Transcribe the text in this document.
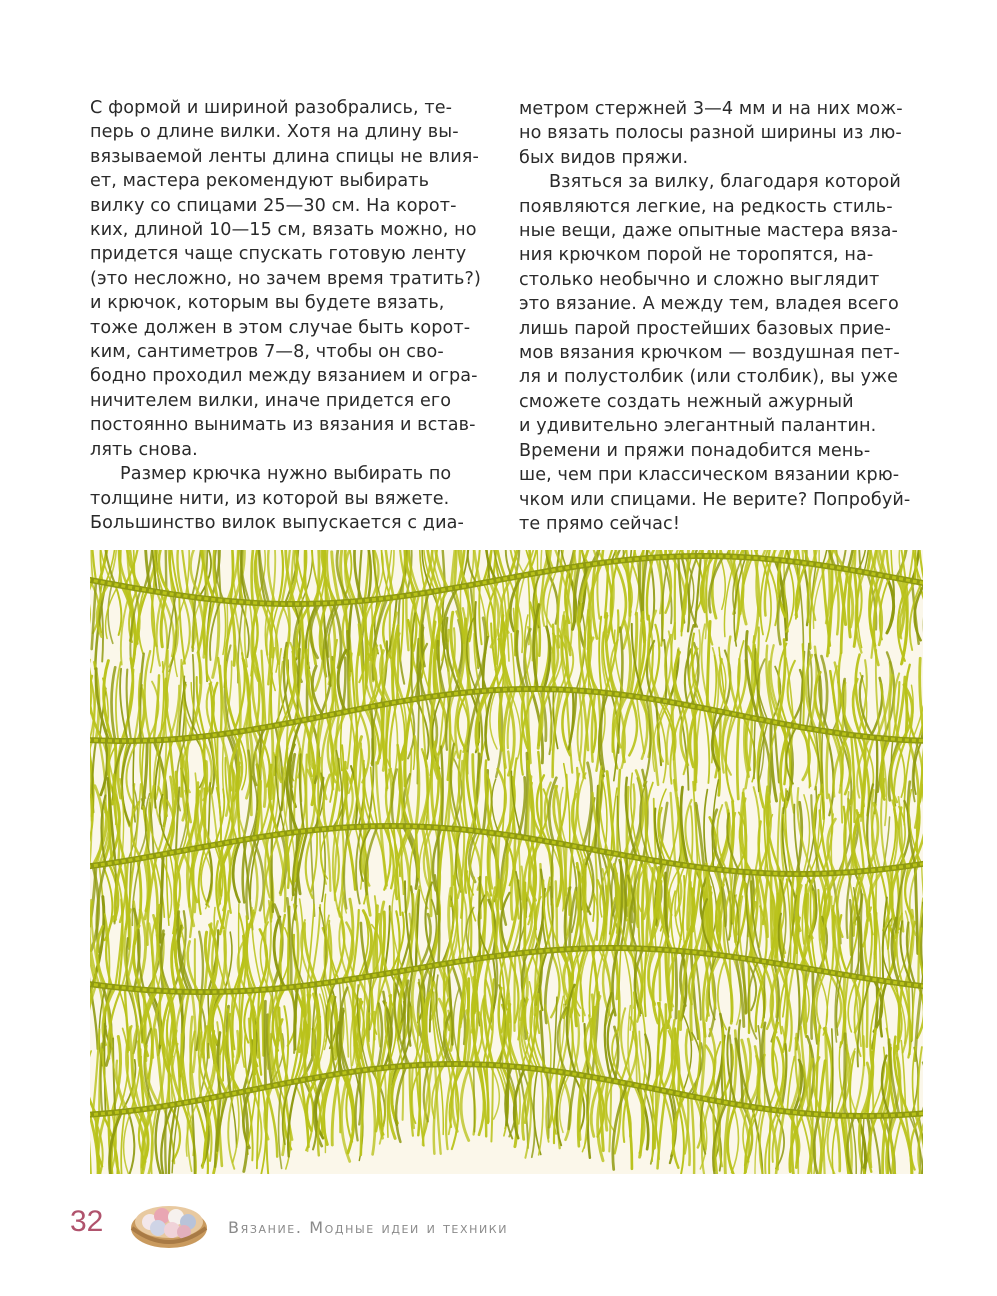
С формой и шириной разобрались, те-
перь о длине вилки. Хотя на длину вы-
вязываемой ленты длина спицы не влия-
ет, мастера рекомендуют выбирать
вилку со спицами 25—30 см. На корот-
ких, длиной 10—15 см, вязать можно, но
придется чаще спускать готовую ленту
(это несложно, но зачем время тратить?)
и крючок, которым вы будете вязать,
тоже должен в этом случае быть корот-
ким, сантиметров 7—8, чтобы он сво-
бодно проходил между вязанием и огра-
ничителем вилки, иначе придется его
постоянно вынимать из вязания и встав-
лять снова.
Размер крючка нужно выбирать по
толщине нити, из которой вы вяжете.
Большинство вилок выпускается с диа-
метром стержней 3—4 мм и на них мож-
но вязать полосы разной ширины из лю-
бых видов пряжи.
Взяться за вилку, благодаря которой
появляются легкие, на редкость стиль-
ные вещи, даже опытные мастера вяза-
ния крючком порой не торопятся, на-
столько необычно и сложно выглядит
это вязание. А между тем, владея всего
лишь парой простейших базовых прие-
мов вязания крючком — воздушная пет-
ля и полустолбик (или столбик), вы уже
сможете создать нежный ажурный
и удивительно элегантный палантин.
Времени и пряжи понадобится мень-
ше, чем при классическом вязании крю-
чком или спицами. Не верите? Попробуй-
те прямо сейчас!
32	Вязание. Модные идеи и техники
